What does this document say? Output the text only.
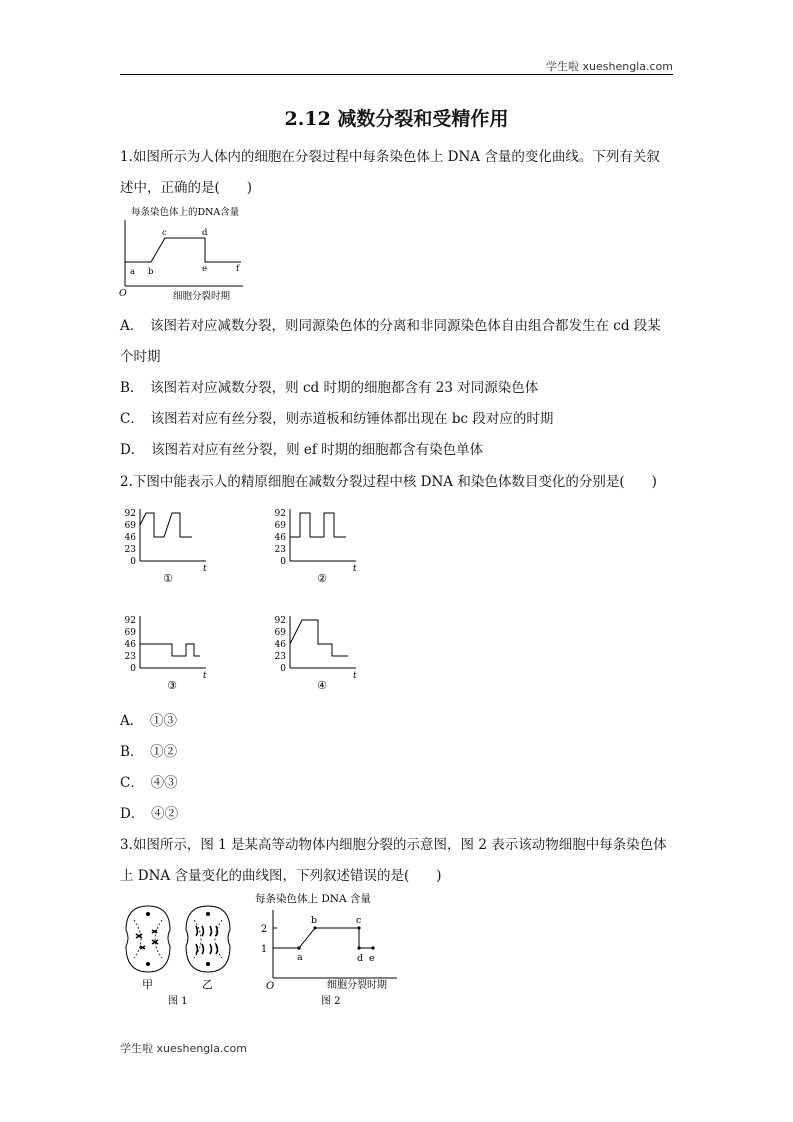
学生啦 xueshengla.com
2.12 减数分裂和受精作用
1.如图所示为人体内的细胞在分裂过程中每条染色体上 DNA 含量的变化曲线。下列有关叙
述中，正确的是(　　)
每条染色体上的DNA含量
a b
c	d
e	f
O	细胞分裂时期
A．　该图若对应减数分裂，则同源染色体的分离和非同源染色体自由组合都发生在 cd 段某
个时期
B．　该图若对应减数分裂，则 cd 时期的细胞都含有 23 对同源染色体
C．　该图若对应有丝分裂，则赤道板和纺锤体都出现在 bc 段对应的时期
D．　该图若对应有丝分裂，则 ef 时期的细胞都含有染色单体
2.下图中能表示人的精原细胞在减数分裂过程中核 DNA 和染色体数目变化的分别是(　　)
92
69
46
23
0
t
①
92
69
46
23
0
t
②
92
69
46
23
0
t
③
92
69
46
23
0
t
④
A．　①③
B．　①②
C．　④③
D．　④②
3.如图所示，图 1 是某高等动物体内细胞分裂的示意图，图 2 表示该动物细胞中每条染色体
上 DNA 含量变化的曲线图，下列叙述错误的是(　　)
甲	乙
图 1
每条染色体上 DNA 含量
2
1
a
b	c
d e
O	细胞分裂时期
图 2
学生啦 xueshengla.com
